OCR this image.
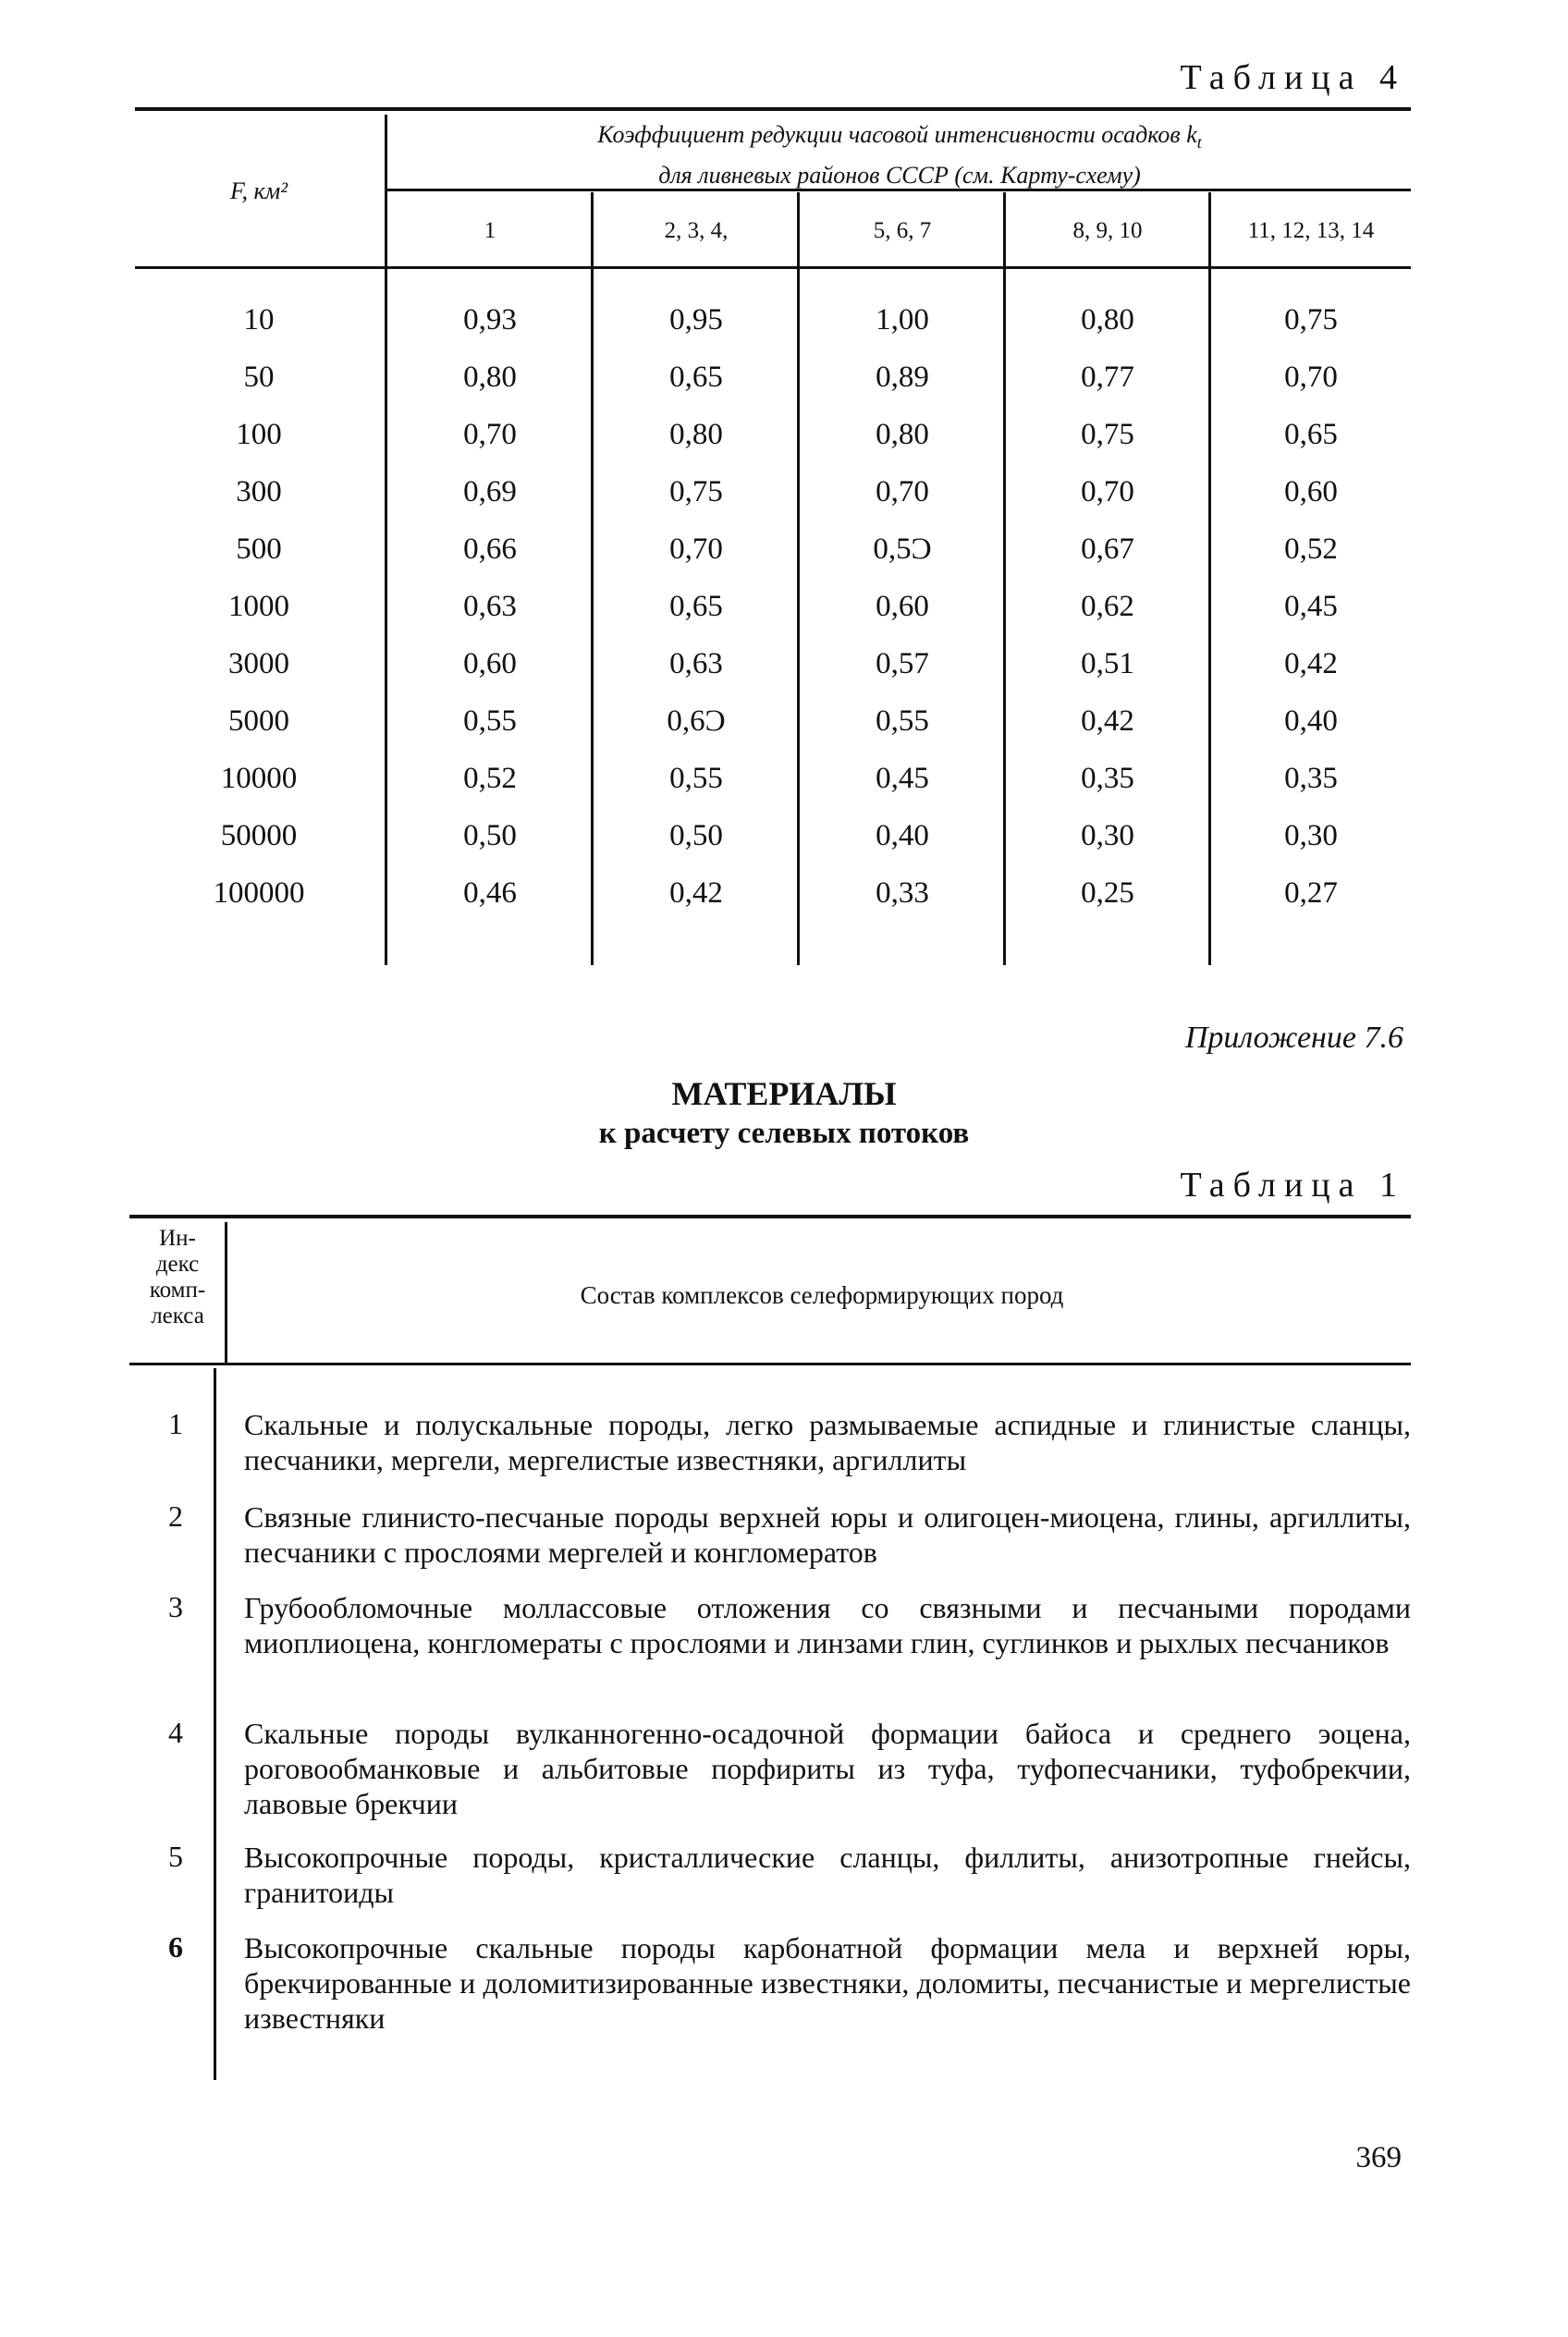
Таблица 4
F, км²
Коэффициент редукции часовой интенсивности осадков $k_t$
для ливневых районов СССР (см. Карту-схему)
1	2, 3, 4,	5, 6, 7	8, 9, 10	11, 12, 13, 14
10	0,93	0,95	1,00	0,80	0,75
50	0,80	0,65	0,89	0,77	0,70
100	0,70	0,80	0,80	0,75	0,65
300	0,69	0,75	0,70	0,70	0,60
500	0,66	0,70	0,5Ͻ	0,67	0,52
1000	0,63	0,65	0,60	0,62	0,45
3000	0,60	0,63	0,57	0,51	0,42
5000	0,55	0,6Ͻ	0,55	0,42	0,40
10000	0,52	0,55	0,45	0,35	0,35
50000	0,50	0,50	0,40	0,30	0,30
100000	0,46	0,42	0,33	0,25	0,27
Приложение 7.6
МАТЕРИАЛЫ
к расчету селевых потоков
Таблица 1
Ин-
декс
комп-
лекса
Состав комплексов селеформирующих пород
1	Скальные и полускальные породы, легко размываемые аспидные и глинистые сланцы, песчаники, мергели, мергелистые известняки, аргиллиты
2	Связные глинисто-песчаные породы верхней юры и олигоцен-миоцена, глины, аргиллиты, песчаники с прослоями мергелей и конгломератов
3	Грубообломочные моллассовые отложения со связными и песчаными породами миоплиоцена, конгломераты с прослоями и линзами глин, суглинков и рыхлых песчаников
4	Скальные породы вулканногенно-осадочной формации байоса и среднего эоцена, роговообманковые и альбитовые порфириты из туфа, туфопесчаники, туфобрекчии, лавовые брекчии
5	Высокопрочные породы, кристаллические сланцы, филлиты, анизотропные гнейсы, гранитоиды
6	Высокопрочные скальные породы карбонатной формации мела и верхней юры, брекчированные и доломитизированные известняки, доломиты, песчанистые и мергелистые известняки
369
